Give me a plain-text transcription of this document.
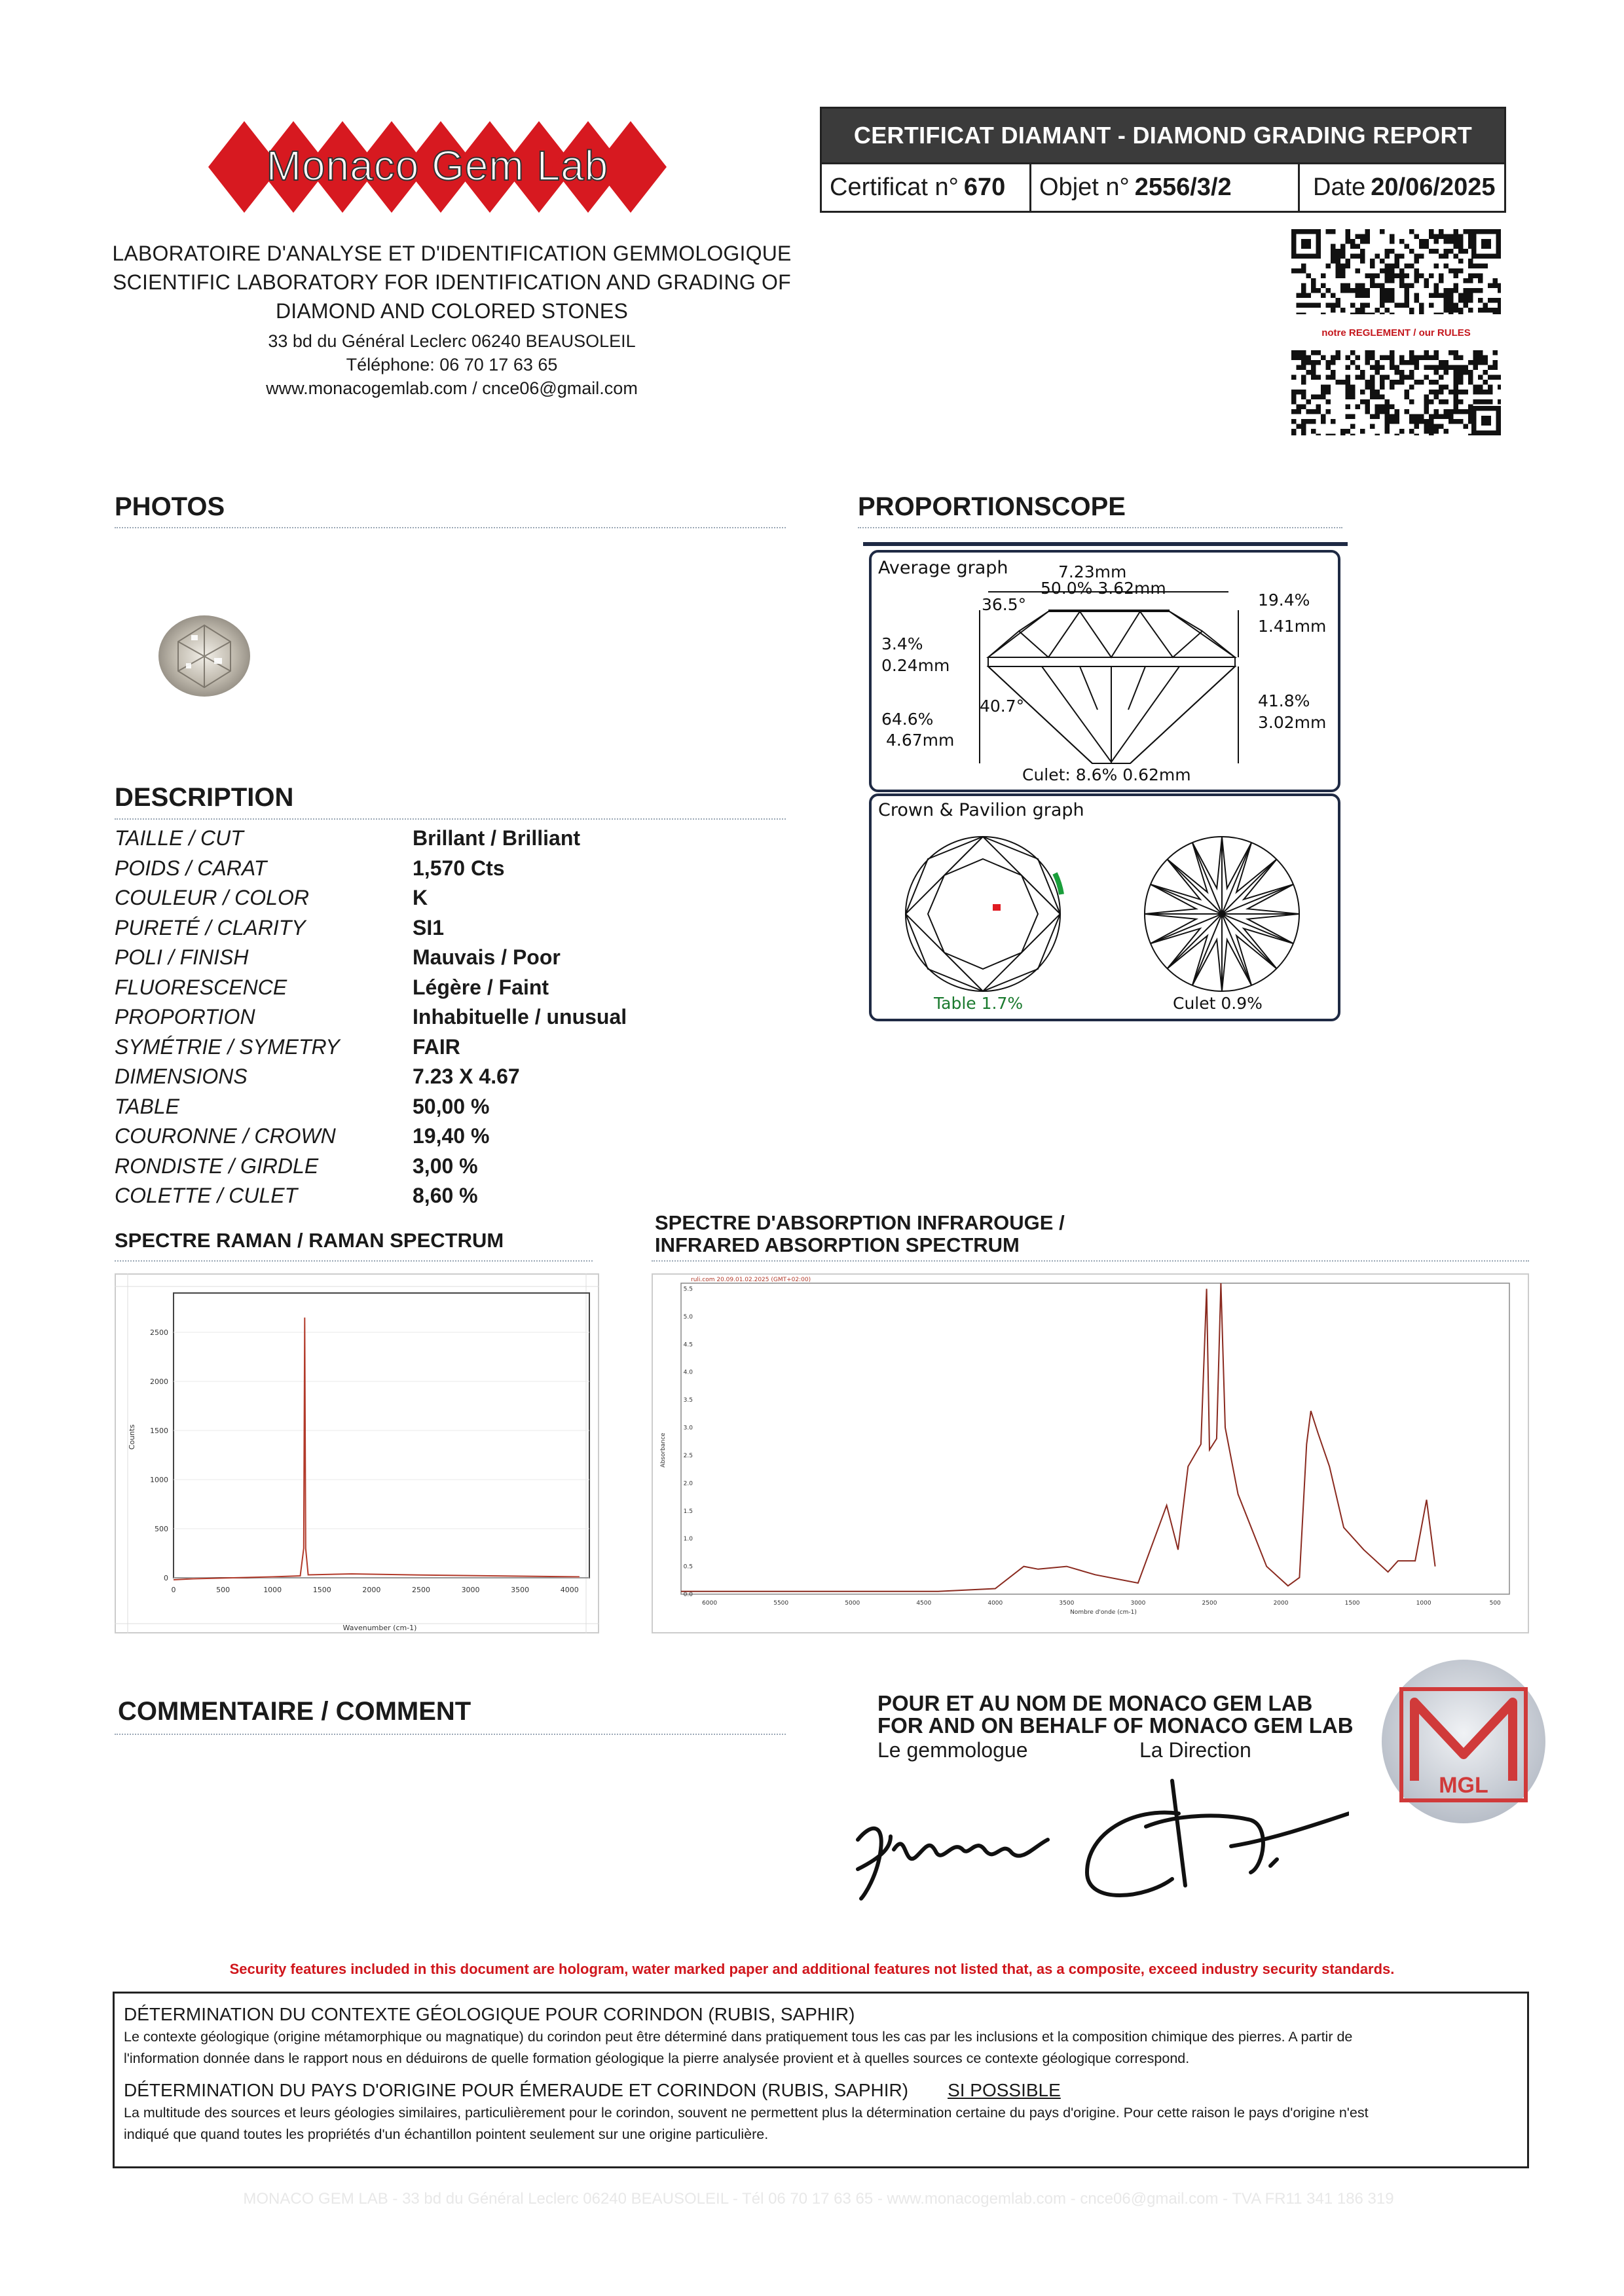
Monaco Gem Lab
LABORATOIRE D'ANALYSE ET D'IDENTIFICATION GEMMOLOGIQUE
SCIENTIFIC LABORATORY FOR IDENTIFICATION AND GRADING OF
DIAMOND AND COLORED STONES
33 bd du Général Leclerc 06240 BEAUSOLEIL
Téléphone: 06 70 17 63 65
www.monacogemlab.com / cnce06@gmail.com
CERTIFICAT DIAMANT - DIAMOND GRADING REPORT
Certificat n° 670 Objet n° 2556/3/2	Date 20/06/2025
notre REGLEMENT / our RULES
PHOTOS
DESCRIPTION
TAILLE / CUT	Brillant / Brilliant
POIDS / CARAT	1,570 Cts
COULEUR / COLOR	K
PURETÉ / CLARITY	SI1
POLI / FINISH	Mauvais / Poor
FLUORESCENCE	Légère / Faint
PROPORTION	Inhabituelle / unusual
SYMÉTRIE / SYMETRY	FAIR
DIMENSIONS	7.23 X 4.67
TABLE	50,00 %
COURONNE / CROWN	19,40 %
RONDISTE / GIRDLE	3,00 %
COLETTE / CULET	8,60 %
PROPORTIONSCOPE
Average graph	7.23mm
50.0% 3.62mm
36.5°	19.4%
1.41mm
3.4%
0.24mm
40.7°	41.8%
3.02mm
64.6%
4.67mm
Culet: 8.6% 0.62mm
Crown & Pavilion graph
Table 1.7%	Culet 0.9%
SPECTRE RAMAN / RAMAN SPECTRUM
SPECTRE D'ABSORPTION INFRAROUGE /
INFRARED ABSORPTION SPECTRUM
2500
2000
1500
1000
500
0
0	500	1000	1500	2000	2500	3000	3500	4000
Counts
Wavenumber (cm-1)
ruli.com 20.09.01.02.2025 (GMT+02:00)
5.5
5.0
4.5
4.0
3.5
3.0
2.5
2.0
1.5
1.0
0.5
0.0
6000	5500	5000	4500	4000	3500	3000	2500	2000	1500	1000	500
Absorbance
Nombre d'onde (cm-1)
COMMENTAIRE / COMMENT	POUR ET AU NOM DE MONACO GEM LAB
FOR AND ON BEHALF OF MONACO GEM LAB
Le gemmologue	La Direction
Yolande
MGL
Security features included in this document are hologram, water marked paper and additional features not listed that, as a composite, exceed industry security standards.
DÉTERMINATION DU CONTEXTE GÉOLOGIQUE POUR CORINDON (RUBIS, SAPHIR)
Le contexte géologique (origine métamorphique ou magnatique) du corindon peut être déterminé dans pratiquement tous les cas par les inclusions et la composition chimique des pierres. A partir de
l'information donnée dans le rapport nous en déduirons de quelle formation géologique la pierre analysée provient et à quelles sources ce contexte géologique correspond.
DÉTERMINATION DU PAYS D'ORIGINE POUR ÉMERAUDE ET CORINDON (RUBIS, SAPHIR) SI POSSIBLE
La multitude des sources et leurs géologies similaires, particulièrement pour le corindon, souvent ne permettent plus la détermination certaine du pays d'origine. Pour cette raison le pays d'origine n'est
indiqué que quand toutes les propriétés d'un échantillon pointent seulement sur une origine particulière.
MONACO GEM LAB - 33 bd du Général Leclerc 06240 BEAUSOLEIL - Tél 06 70 17 63 65 - www.monacogemlab.com - cnce06@gmail.com - TVA FR11 341 186 319
